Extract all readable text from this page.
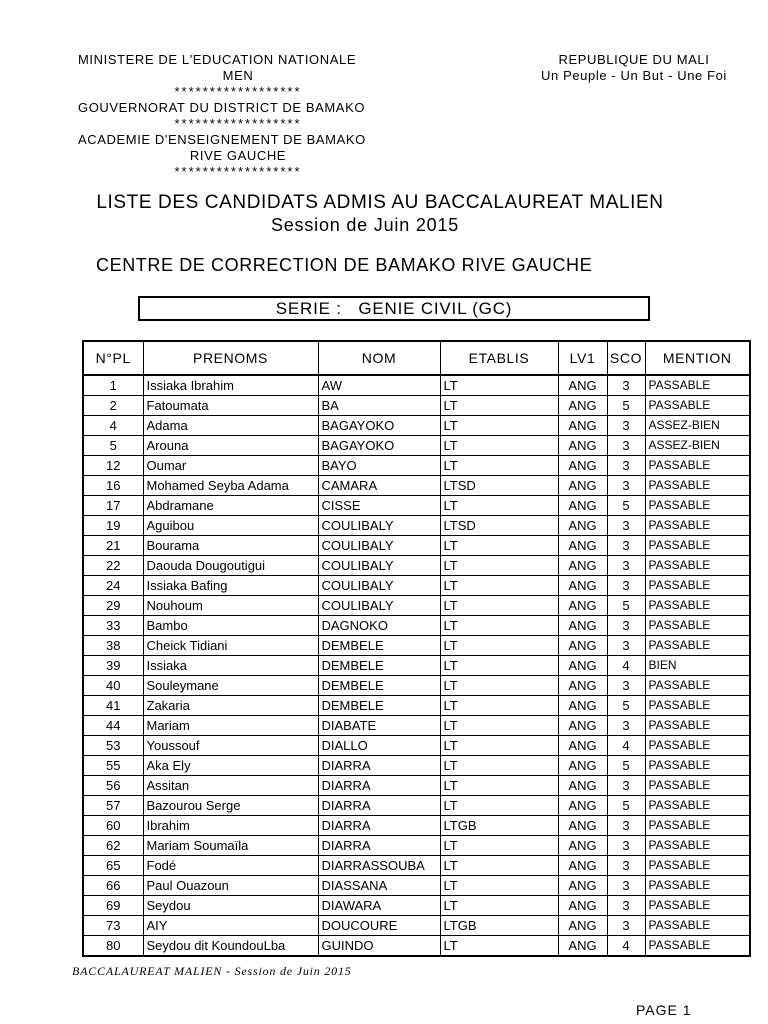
MINISTERE DE L'EDUCATION NATIONALE
MEN
******************
GOUVERNORAT DU DISTRICT DE BAMAKO
******************
ACADEMIE D'ENSEIGNEMENT DE BAMAKO
RIVE GAUCHE
******************
REPUBLIQUE DU MALI
Un Peuple - Un But - Une Foi
LISTE DES CANDIDATS ADMIS AU BACCALAUREAT MALIEN
Session de Juin 2015
CENTRE DE CORRECTION DE BAMAKO RIVE GAUCHE
SERIE : GENIE CIVIL (GC)
N°PL	PRENOMS	NOM	ETABLIS	LV1	SCO	MENTION
1	Issiaka Ibrahim	AW	LT	ANG	3	PASSABLE
2	Fatoumata	BA	LT	ANG	5	PASSABLE
4	Adama	BAGAYOKO	LT	ANG	3	ASSEZ-BIEN
5	Arouna	BAGAYOKO	LT	ANG	3	ASSEZ-BIEN
12	Oumar	BAYO	LT	ANG	3	PASSABLE
16	Mohamed Seyba Adama	CAMARA	LTSD	ANG	3	PASSABLE
17	Abdramane	CISSE	LT	ANG	5	PASSABLE
19	Aguibou	COULIBALY	LTSD	ANG	3	PASSABLE
21	Bourama	COULIBALY	LT	ANG	3	PASSABLE
22	Daouda Dougoutigui	COULIBALY	LT	ANG	3	PASSABLE
24	Issiaka Bafing	COULIBALY	LT	ANG	3	PASSABLE
29	Nouhoum	COULIBALY	LT	ANG	5	PASSABLE
33	Bambo	DAGNOKO	LT	ANG	3	PASSABLE
38	Cheick Tidiani	DEMBELE	LT	ANG	3	PASSABLE
39	Issiaka	DEMBELE	LT	ANG	4	BIEN
40	Souleymane	DEMBELE	LT	ANG	3	PASSABLE
41	Zakaria	DEMBELE	LT	ANG	5	PASSABLE
44	Mariam	DIABATE	LT	ANG	3	PASSABLE
53	Youssouf	DIALLO	LT	ANG	4	PASSABLE
55	Aka Ely	DIARRA	LT	ANG	5	PASSABLE
56	Assitan	DIARRA	LT	ANG	3	PASSABLE
57	Bazourou Serge	DIARRA	LT	ANG	5	PASSABLE
60	Ibrahim	DIARRA	LTGB	ANG	3	PASSABLE
62	Mariam Soumaïla	DIARRA	LT	ANG	3	PASSABLE
65	Fodé	DIARRASSOUBA	LT	ANG	3	PASSABLE
66	Paul Ouazoun	DIASSANA	LT	ANG	3	PASSABLE
69	Seydou	DIAWARA	LT	ANG	3	PASSABLE
73	AIY	DOUCOURE	LTGB	ANG	3	PASSABLE
80	Seydou dit KoundouLba	GUINDO	LT	ANG	4	PASSABLE
BACCALAUREAT MALIEN - Session de Juin 2015
PAGE 1
